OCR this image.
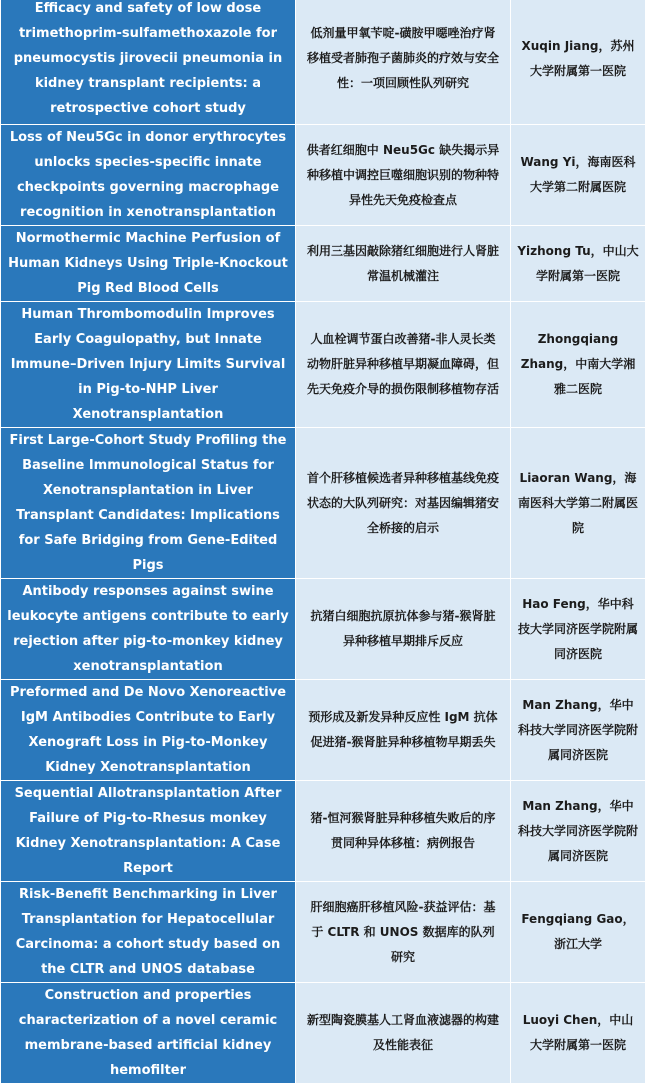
Efficacy and safety of low dose trimethoprim-sulfamethoxazole for pneumocystis jirovecii pneumonia in kidney transplant recipients: a retrospective cohort study	低剂量甲氧苄啶-磺胺甲噁唑治疗肾移植受者肺孢子菌肺炎的疗效与安全性：一项回顾性队列研究	Xuqin Jiang，苏州大学附属第一医院
Loss of Neu5Gc in donor erythrocytes unlocks species-specific innate checkpoints governing macrophage recognition in xenotransplantation	供者红细胞中 Neu5Gc 缺失揭示异种移植中调控巨噬细胞识别的物种特异性先天免疫检查点	Wang Yi，海南医科大学第二附属医院
Normothermic Machine Perfusion of Human Kidneys Using Triple-Knockout Pig Red Blood Cells	利用三基因敲除猪红细胞进行人肾脏常温机械灌注	Yizhong Tu，中山大学附属第一医院
Human Thrombomodulin Improves Early Coagulopathy, but Innate Immune–Driven Injury Limits Survival in Pig-to-NHP Liver Xenotransplantation	人血栓调节蛋白改善猪-非人灵长类动物肝脏异种移植早期凝血障碍，但先天免疫介导的损伤限制移植物存活	Zhongqiang Zhang，中南大学湘雅二医院
First Large-Cohort Study Profiling the Baseline Immunological Status for Xenotransplantation in Liver Transplant Candidates: Implications for Safe Bridging from Gene-Edited Pigs	首个肝移植候选者异种移植基线免疫状态的大队列研究：对基因编辑猪安全桥接的启示	Liaoran Wang，海南医科大学第二附属医院
Antibody responses against swine leukocyte antigens contribute to early rejection after pig-to-monkey kidney xenotransplantation	抗猪白细胞抗原抗体参与猪-猴肾脏异种移植早期排斥反应	Hao Feng，华中科技大学同济医学院附属同济医院
Preformed and De Novo Xenoreactive IgM Antibodies Contribute to Early Xenograft Loss in Pig-to-Monkey Kidney Xenotransplantation	预形成及新发异种反应性 IgM 抗体促进猪-猴肾脏异种移植物早期丢失	Man Zhang，华中科技大学同济医学院附属同济医院
Sequential Allotransplantation After Failure of Pig-to-Rhesus monkey Kidney Xenotransplantation: A Case Report	猪-恒河猴肾脏异种移植失败后的序贯同种异体移植：病例报告	Man Zhang，华中科技大学同济医学院附属同济医院
Risk-Benefit Benchmarking in Liver Transplantation for Hepatocellular Carcinoma: a cohort study based on the CLTR and UNOS database	肝细胞癌肝移植风险-获益评估：基于 CLTR 和 UNOS 数据库的队列研究	Fengqiang Gao，浙江大学
Construction and properties characterization of a novel ceramic membrane-based artificial kidney hemofilter	新型陶瓷膜基人工肾血液滤器的构建及性能表征	Luoyi Chen，中山大学附属第一医院
